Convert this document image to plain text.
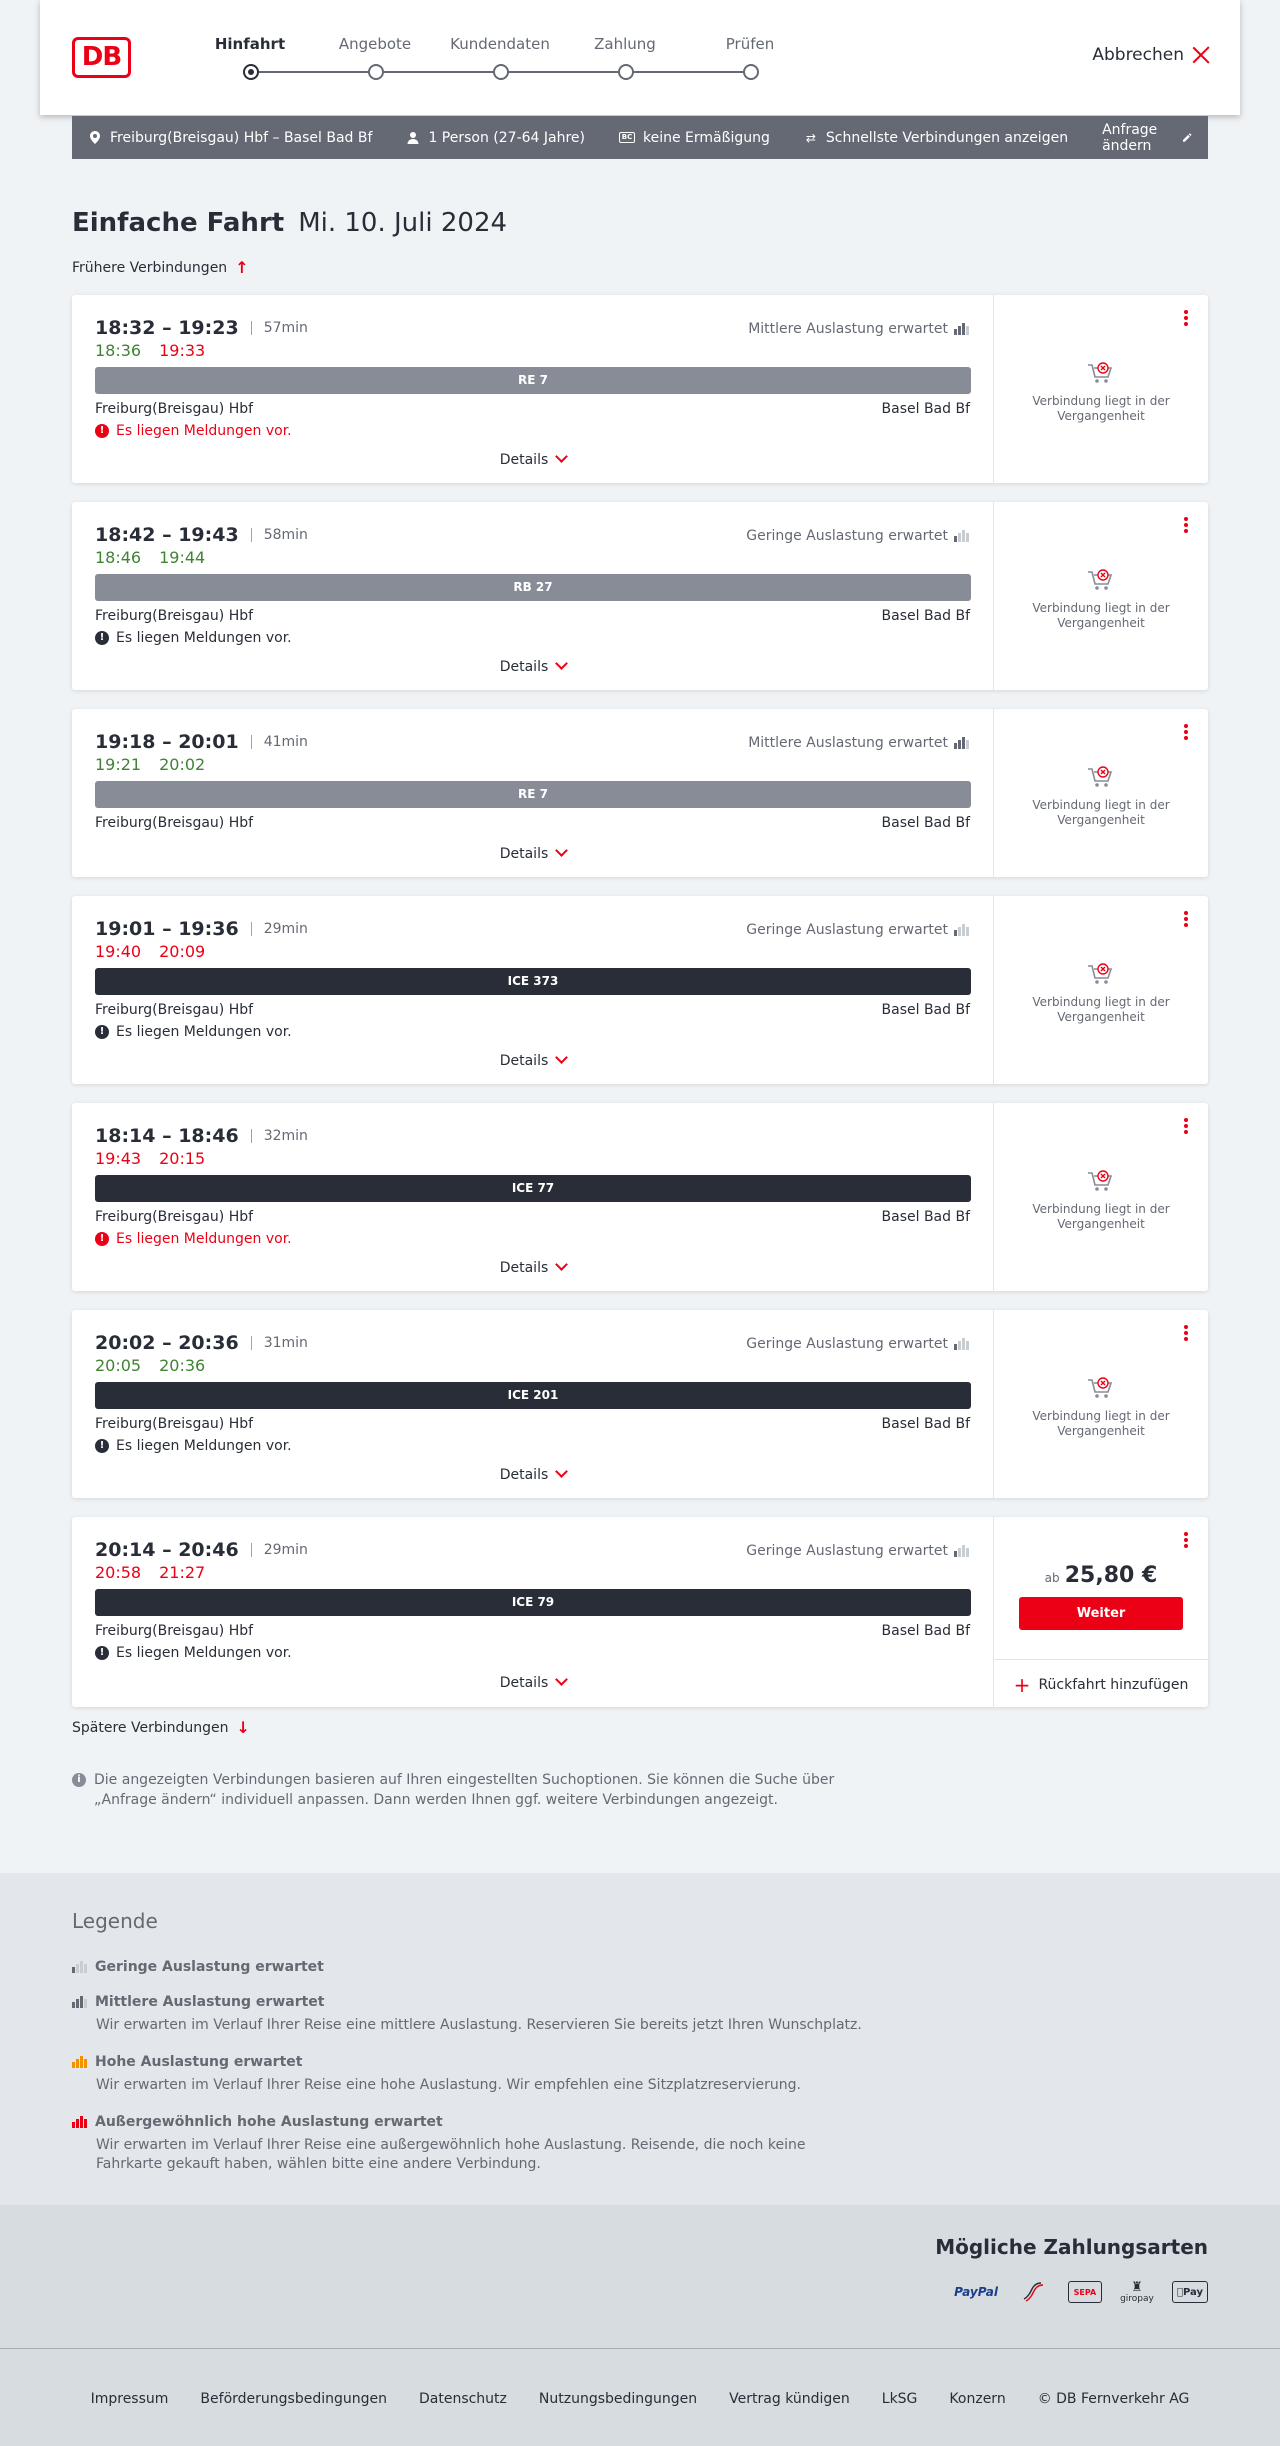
DB	Hinfahrt	Angebote	Kundendaten	Zahlung	Prüfen
Abbrechen
Freiburg(Breisgau) Hbf – Basel Bad Bf	1 Person (27-64 Jahre)	BC keine Ermäßigung	⇄ Schnellste Verbindungen anzeigen Anfrage ändern
Einfache Fahrt Mi. 10. Juli 2024
Frühere Verbindungen ↑
18:32 – 19:23	57min
18:36 19:33
Mittlere Auslastung erwartet
RE 7
Freiburg(Breisgau) Hbf	Basel Bad Bf
! Es liegen Meldungen vor.
Details
Verbindung liegt in der Vergangenheit
18:42 – 19:43	58min
18:46 19:44
Geringe Auslastung erwartet
RB 27
Freiburg(Breisgau) Hbf	Basel Bad Bf
! Es liegen Meldungen vor.
Details
Verbindung liegt in der Vergangenheit
19:18 – 20:01	41min
19:21 20:02
Mittlere Auslastung erwartet
RE 7
Freiburg(Breisgau) Hbf	Basel Bad Bf
Details
Verbindung liegt in der Vergangenheit
19:01 – 19:36	29min
19:40 20:09
Geringe Auslastung erwartet
ICE 373
Freiburg(Breisgau) Hbf	Basel Bad Bf
! Es liegen Meldungen vor.
Details
Verbindung liegt in der Vergangenheit
18:14 – 18:46	32min
19:43 20:15
ICE 77
Freiburg(Breisgau) Hbf	Basel Bad Bf
! Es liegen Meldungen vor.
Details
Verbindung liegt in der Vergangenheit
20:02 – 20:36	31min
20:05 20:36
Geringe Auslastung erwartet
ICE 201
Freiburg(Breisgau) Hbf	Basel Bad Bf
! Es liegen Meldungen vor.
Details
Verbindung liegt in der Vergangenheit
20:14 – 20:46	29min
20:58 21:27
Geringe Auslastung erwartet
ICE 79
Freiburg(Breisgau) Hbf	Basel Bad Bf
! Es liegen Meldungen vor.
Details
ab 25,80 €
Weiter
+ Rückfahrt hinzufügen
Spätere Verbindungen ↓
i Die angezeigten Verbindungen basieren auf Ihren eingestellten Suchoptionen. Sie können die Suche über „Anfrage ändern“ individuell anpassen. Dann werden Ihnen ggf. weitere Verbindungen angezeigt.
Legende
Geringe Auslastung erwartet
Mittlere Auslastung erwartet
Wir erwarten im Verlauf Ihrer Reise eine mittlere Auslastung. Reservieren Sie bereits jetzt Ihren Wunschplatz.
Hohe Auslastung erwartet
Wir erwarten im Verlauf Ihrer Reise eine hohe Auslastung. Wir empfehlen eine Sitzplatzreservierung.
Außergewöhnlich hohe Auslastung erwartet
Wir erwarten im Verlauf Ihrer Reise eine außergewöhnlich hohe Auslastung. Reisende, die noch keine Fahrkarte gekauft haben, wählen bitte eine andere Verbindung.
Mögliche Zahlungsarten
PayPal	SEPA	♜
giropay
Pay
Impressum Beförderungsbedingungen Datenschutz Nutzungsbedingungen Vertrag kündigen LkSG Konzern © DB Fernverkehr AG
